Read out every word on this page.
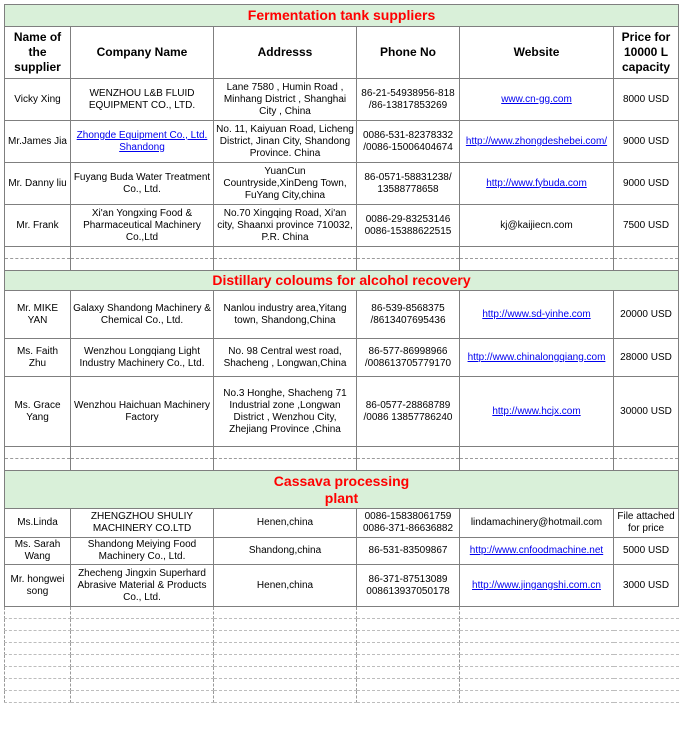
Fermentation tank suppliers					
Name of the supplier	Company Name	Addresss	Phone No	Website	Price for 10000 L capacity
Vicky Xing	WENZHOU L&B FLUID EQUIPMENT CO., LTD.	Lane 7580 , Humin Road , Minhang District , Shanghai City , China	86-21-54938956-818 /86-13817853269	www.cn-gg.com	8000 USD
Mr.James Jia	Zhongde Equipment Co., Ltd. Shandong	No. 11, Kaiyuan Road, Licheng District, Jinan City, Shandong Province. China	0086-531-82378332 /0086-15006404674	http://www.zhongdeshebei.com/	9000 USD
Mr. Danny liu	Fuyang Buda Water Treatment Co., Ltd.	YuanCun Countryside,XinDeng Town, FuYang City,china	86-0571-58831238/ 13588778658	http://www.fybuda.com	9000 USD
Mr. Frank	Xi'an Yongxing Food & Pharmaceutical Machinery Co.,Ltd	No.70 Xingqing Road, Xi'an city, Shaanxi province 710032, P.R. China	0086-29-83253146 0086-15388622515	kj@kaijiecn.com	7500 USD

Distillary coloums for alcohol recovery					
Mr. MIKE YAN	Galaxy Shandong Machinery & Chemical Co., Ltd.	Nanlou industry area,Yitang town, Shandong,China	86-539-8568375 /8613407695436	http://www.sd-yinhe.com	20000 USD
Ms. Faith Zhu	Wenzhou Longqiang Light Industry Machinery Co., Ltd.	No. 98 Central west road, Shacheng , Longwan,China	86-577-86998966 /008613705779170	http://www.chinalongqiang.com	28000 USD
Ms. Grace Yang	Wenzhou Haichuan Machinery Factory	No.3 Honghe, Shacheng 71 Industrial zone ,Longwan District , Wenzhou City, Zhejiang Province ,China	86-0577-28868789 /0086 13857786240	http://www.hcjx.com	30000 USD

Cassava processing plant					

Ms.Linda	ZHENGZHOU SHULIY MACHINERY CO.LTD	Henen,china	0086-15838061759 0086-371-86636882	lindamachinery@hotmail.com	File attached for price
Ms. Sarah Wang	Shandong Meiying Food Machinery Co., Ltd.	Shandong,china	86-531-83509867	http://www.cnfoodmachine.net	5000 USD
Mr. hongwei song	Zhecheng Jingxin Superhard Abrasive Material & Products Co., Ltd.	Henen,china	86-371-87513089 008613937050178	http://www.jingangshi.com.cn	3000 USD
